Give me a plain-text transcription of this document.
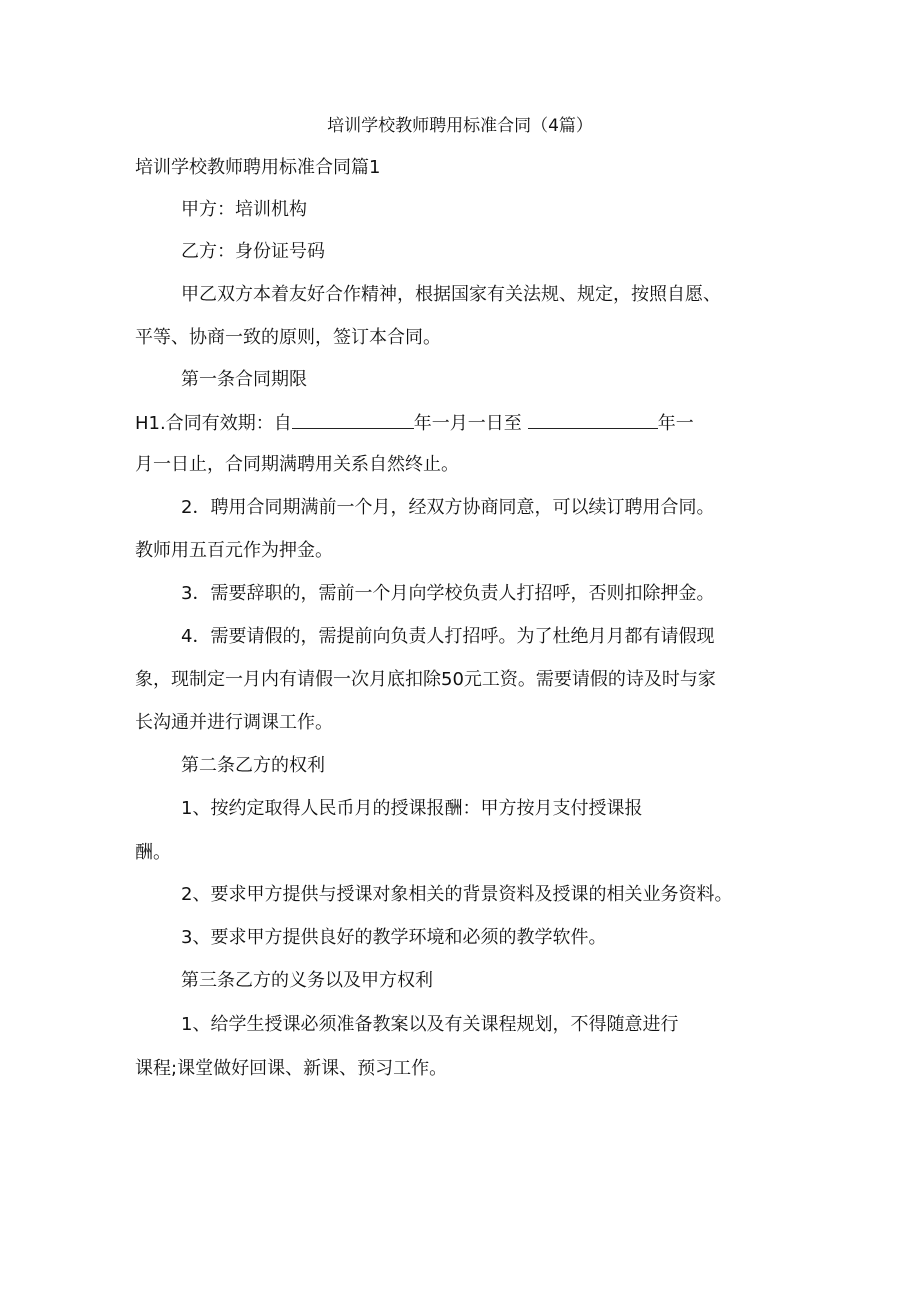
培训学校教师聘用标准合同（4篇）

培训学校教师聘用标准合同篇1

甲方：培训机构

乙方：身份证号码

甲乙双方本着友好合作精神，根据国家有关法规、规定，按照自愿、

平等、协商一致的原则，签订本合同。

第一条合同期限

H1.合同有效期：自	年一月一日至	年一

月一日止，合同期满聘用关系自然终止。

2．聘用合同期满前一个月，经双方协商同意，可以续订聘用合同。

教师用五百元作为押金。

3．需要辞职的，需前一个月向学校负责人打招呼，否则扣除押金。

4．需要请假的，需提前向负责人打招呼。为了杜绝月月都有请假现

象，现制定一月内有请假一次月底扣除50元工资。需要请假的诗及时与家

长沟通并进行调课工作。

第二条乙方的权利

1、按约定取得人民币月的授课报酬：甲方按月支付授课报

酬。

2、要求甲方提供与授课对象相关的背景资料及授课的相关业务资料。

3、要求甲方提供良好的教学环境和必须的教学软件。

第三条乙方的义务以及甲方权利

1、给学生授课必须准备教案以及有关课程规划，不得随意进行

课程;课堂做好回课、新课、预习工作。
